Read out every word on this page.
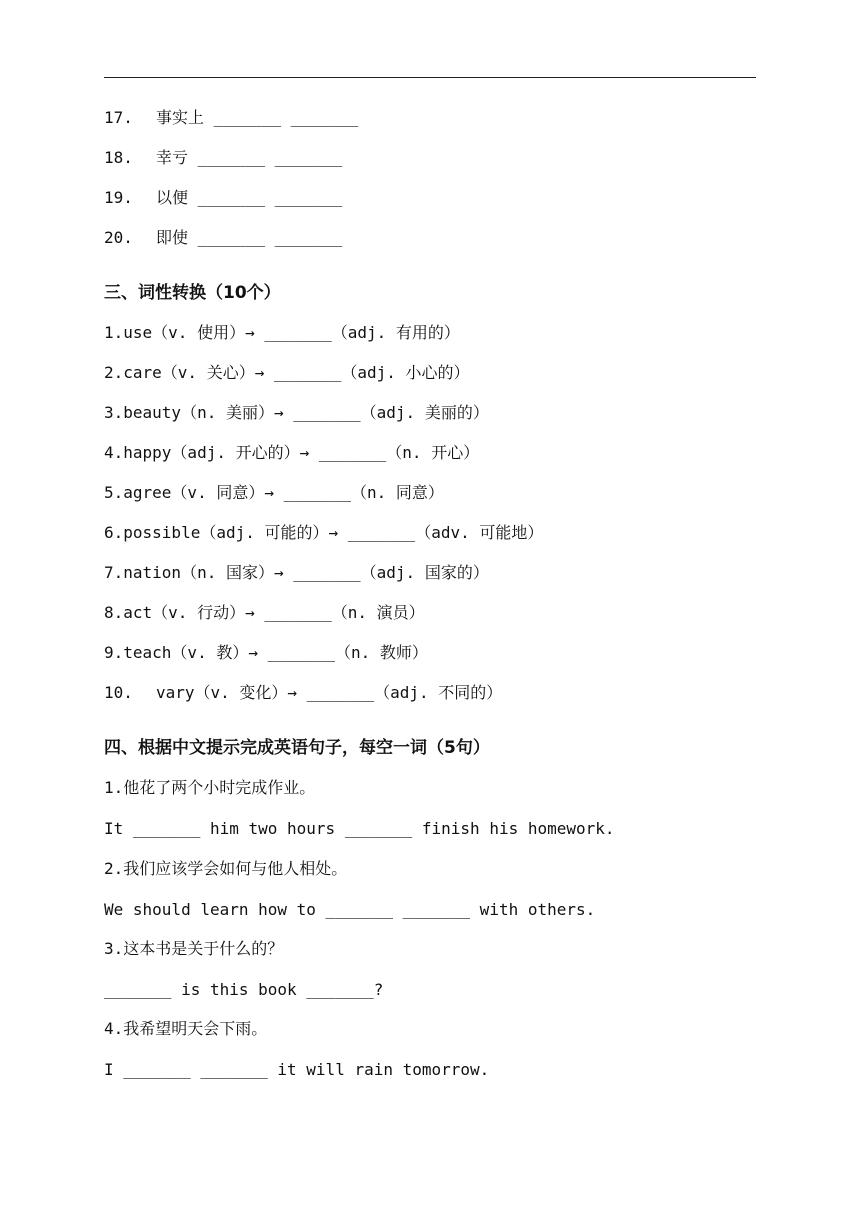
17. 事实上 _______ _______
18. 幸亏 _______ _______
19. 以便 _______ _______
20. 即使 _______ _______
三、词性转换（10个）
1.use（v. 使用）→ _______（adj. 有用的）
2.care（v. 关心）→ _______（adj. 小心的）
3.beauty（n. 美丽）→ _______（adj. 美丽的）
4.happy（adj. 开心的）→ _______（n. 开心）
5.agree（v. 同意）→ _______（n. 同意）
6.possible（adj. 可能的）→ _______（adv. 可能地）
7.nation（n. 国家）→ _______（adj. 国家的）
8.act（v. 行动）→ _______（n. 演员）
9.teach（v. 教）→ _______（n. 教师）
10. vary（v. 变化）→ _______（adj. 不同的）
四、根据中文提示完成英语句子，每空一词（5句）
1.他花了两个小时完成作业。
It _______ him two hours _______ finish his homework.
2.我们应该学会如何与他人相处。
We should learn how to _______ _______ with others.
3.这本书是关于什么的？
_______ is this book _______?
4.我希望明天会下雨。
I _______ _______ it will rain tomorrow.
